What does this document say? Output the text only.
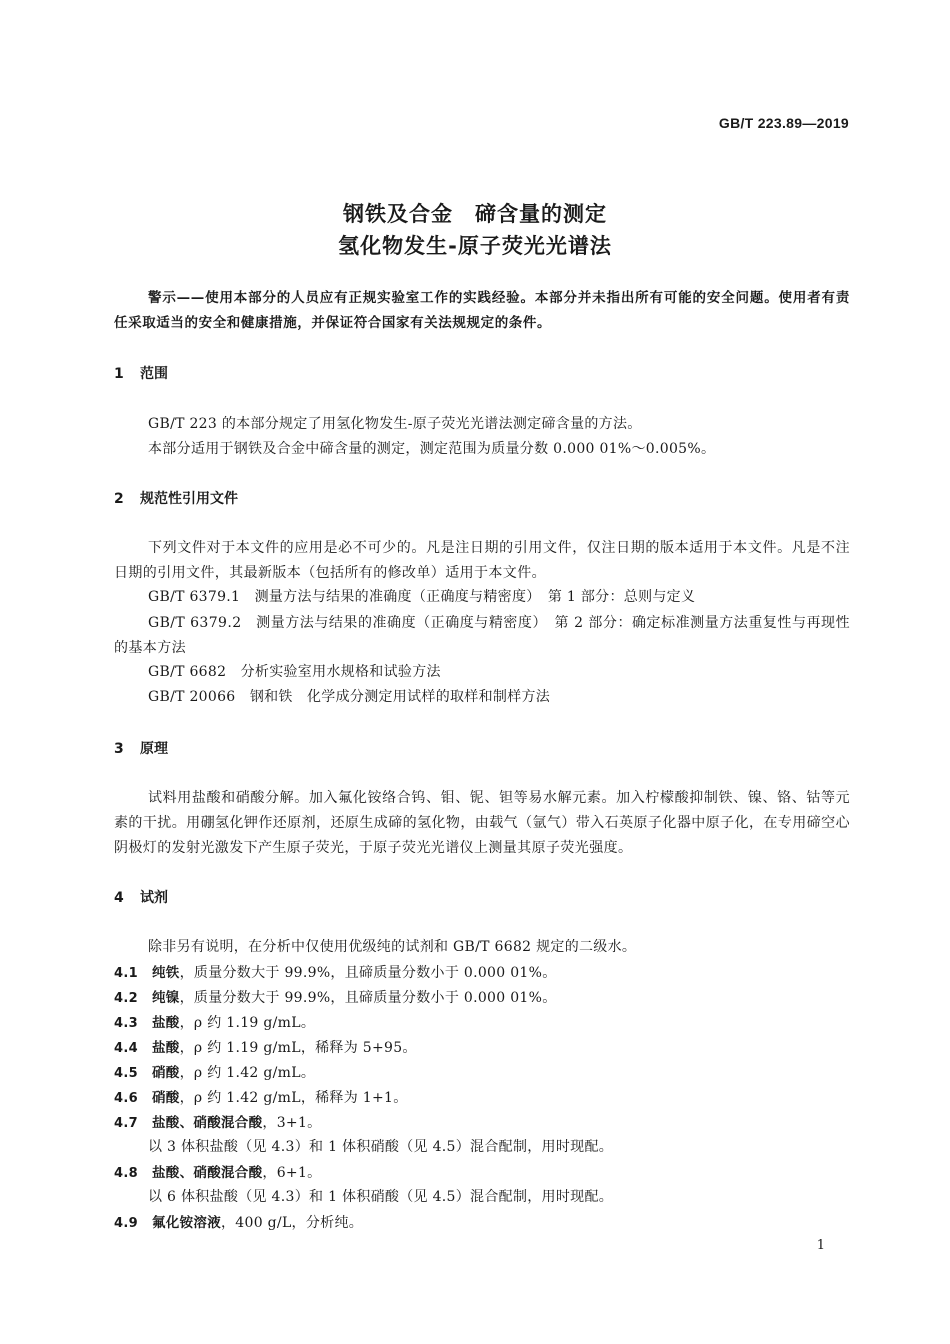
GB/T 223.89—2019
钢铁及合金　碲含量的测定
氢化物发生-原子荧光光谱法

警示——使用本部分的人员应有正规实验室工作的实践经验。本部分并未指出所有可能的安全问题。使用者有责任采取适当的安全和健康措施，并保证符合国家有关法规规定的条件。

1 范围
GB/T 223 的本部分规定了用氢化物发生-原子荧光光谱法测定碲含量的方法。
本部分适用于钢铁及合金中碲含量的测定，测定范围为质量分数 0.000 01%～0.005%。
2 规范性引用文件

下列文件对于本文件的应用是必不可少的。凡是注日期的引用文件，仅注日期的版本适用于本文件。凡是不注日期的引用文件，其最新版本（包括所有的修改单）适用于本文件。

GB/T 6379.1　测量方法与结果的准确度（正确度与精密度）　第 1 部分：总则与定义

GB/T 6379.2　测量方法与结果的准确度（正确度与精密度）　第 2 部分：确定标准测量方法重复性与再现性的基本方法

GB/T 6682　分析实验室用水规格和试验方法
GB/T 20066　钢和铁　化学成分测定用试样的取样和制样方法
3 原理

试料用盐酸和硝酸分解。加入氟化铵络合钨、钼、铌、钽等易水解元素。加入柠檬酸抑制铁、镍、铬、钴等元素的干扰。用硼氢化钾作还原剂，还原生成碲的氢化物，由载气（氩气）带入石英原子化器中原子化，在专用碲空心阴极灯的发射光激发下产生原子荧光，于原子荧光光谱仪上测量其原子荧光强度。

4 试剂
除非另有说明，在分析中仅使用优级纯的试剂和 GB/T 6682 规定的二级水。
4.1 纯铁，质量分数大于 99.9%，且碲质量分数小于 0.000 01%。
4.2 纯镍，质量分数大于 99.9%，且碲质量分数小于 0.000 01%。
4.3 盐酸，ρ 约 1.19 g/mL。
4.4 盐酸，ρ 约 1.19 g/mL，稀释为 5+95。
4.5 硝酸，ρ 约 1.42 g/mL。
4.6 硝酸，ρ 约 1.42 g/mL，稀释为 1+1。
4.7 盐酸、硝酸混合酸，3+1。
以 3 体积盐酸（见 4.3）和 1 体积硝酸（见 4.5）混合配制，用时现配。
4.8 盐酸、硝酸混合酸，6+1。
以 6 体积盐酸（见 4.3）和 1 体积硝酸（见 4.5）混合配制，用时现配。
4.9 氟化铵溶液，400 g/L，分析纯。
1
